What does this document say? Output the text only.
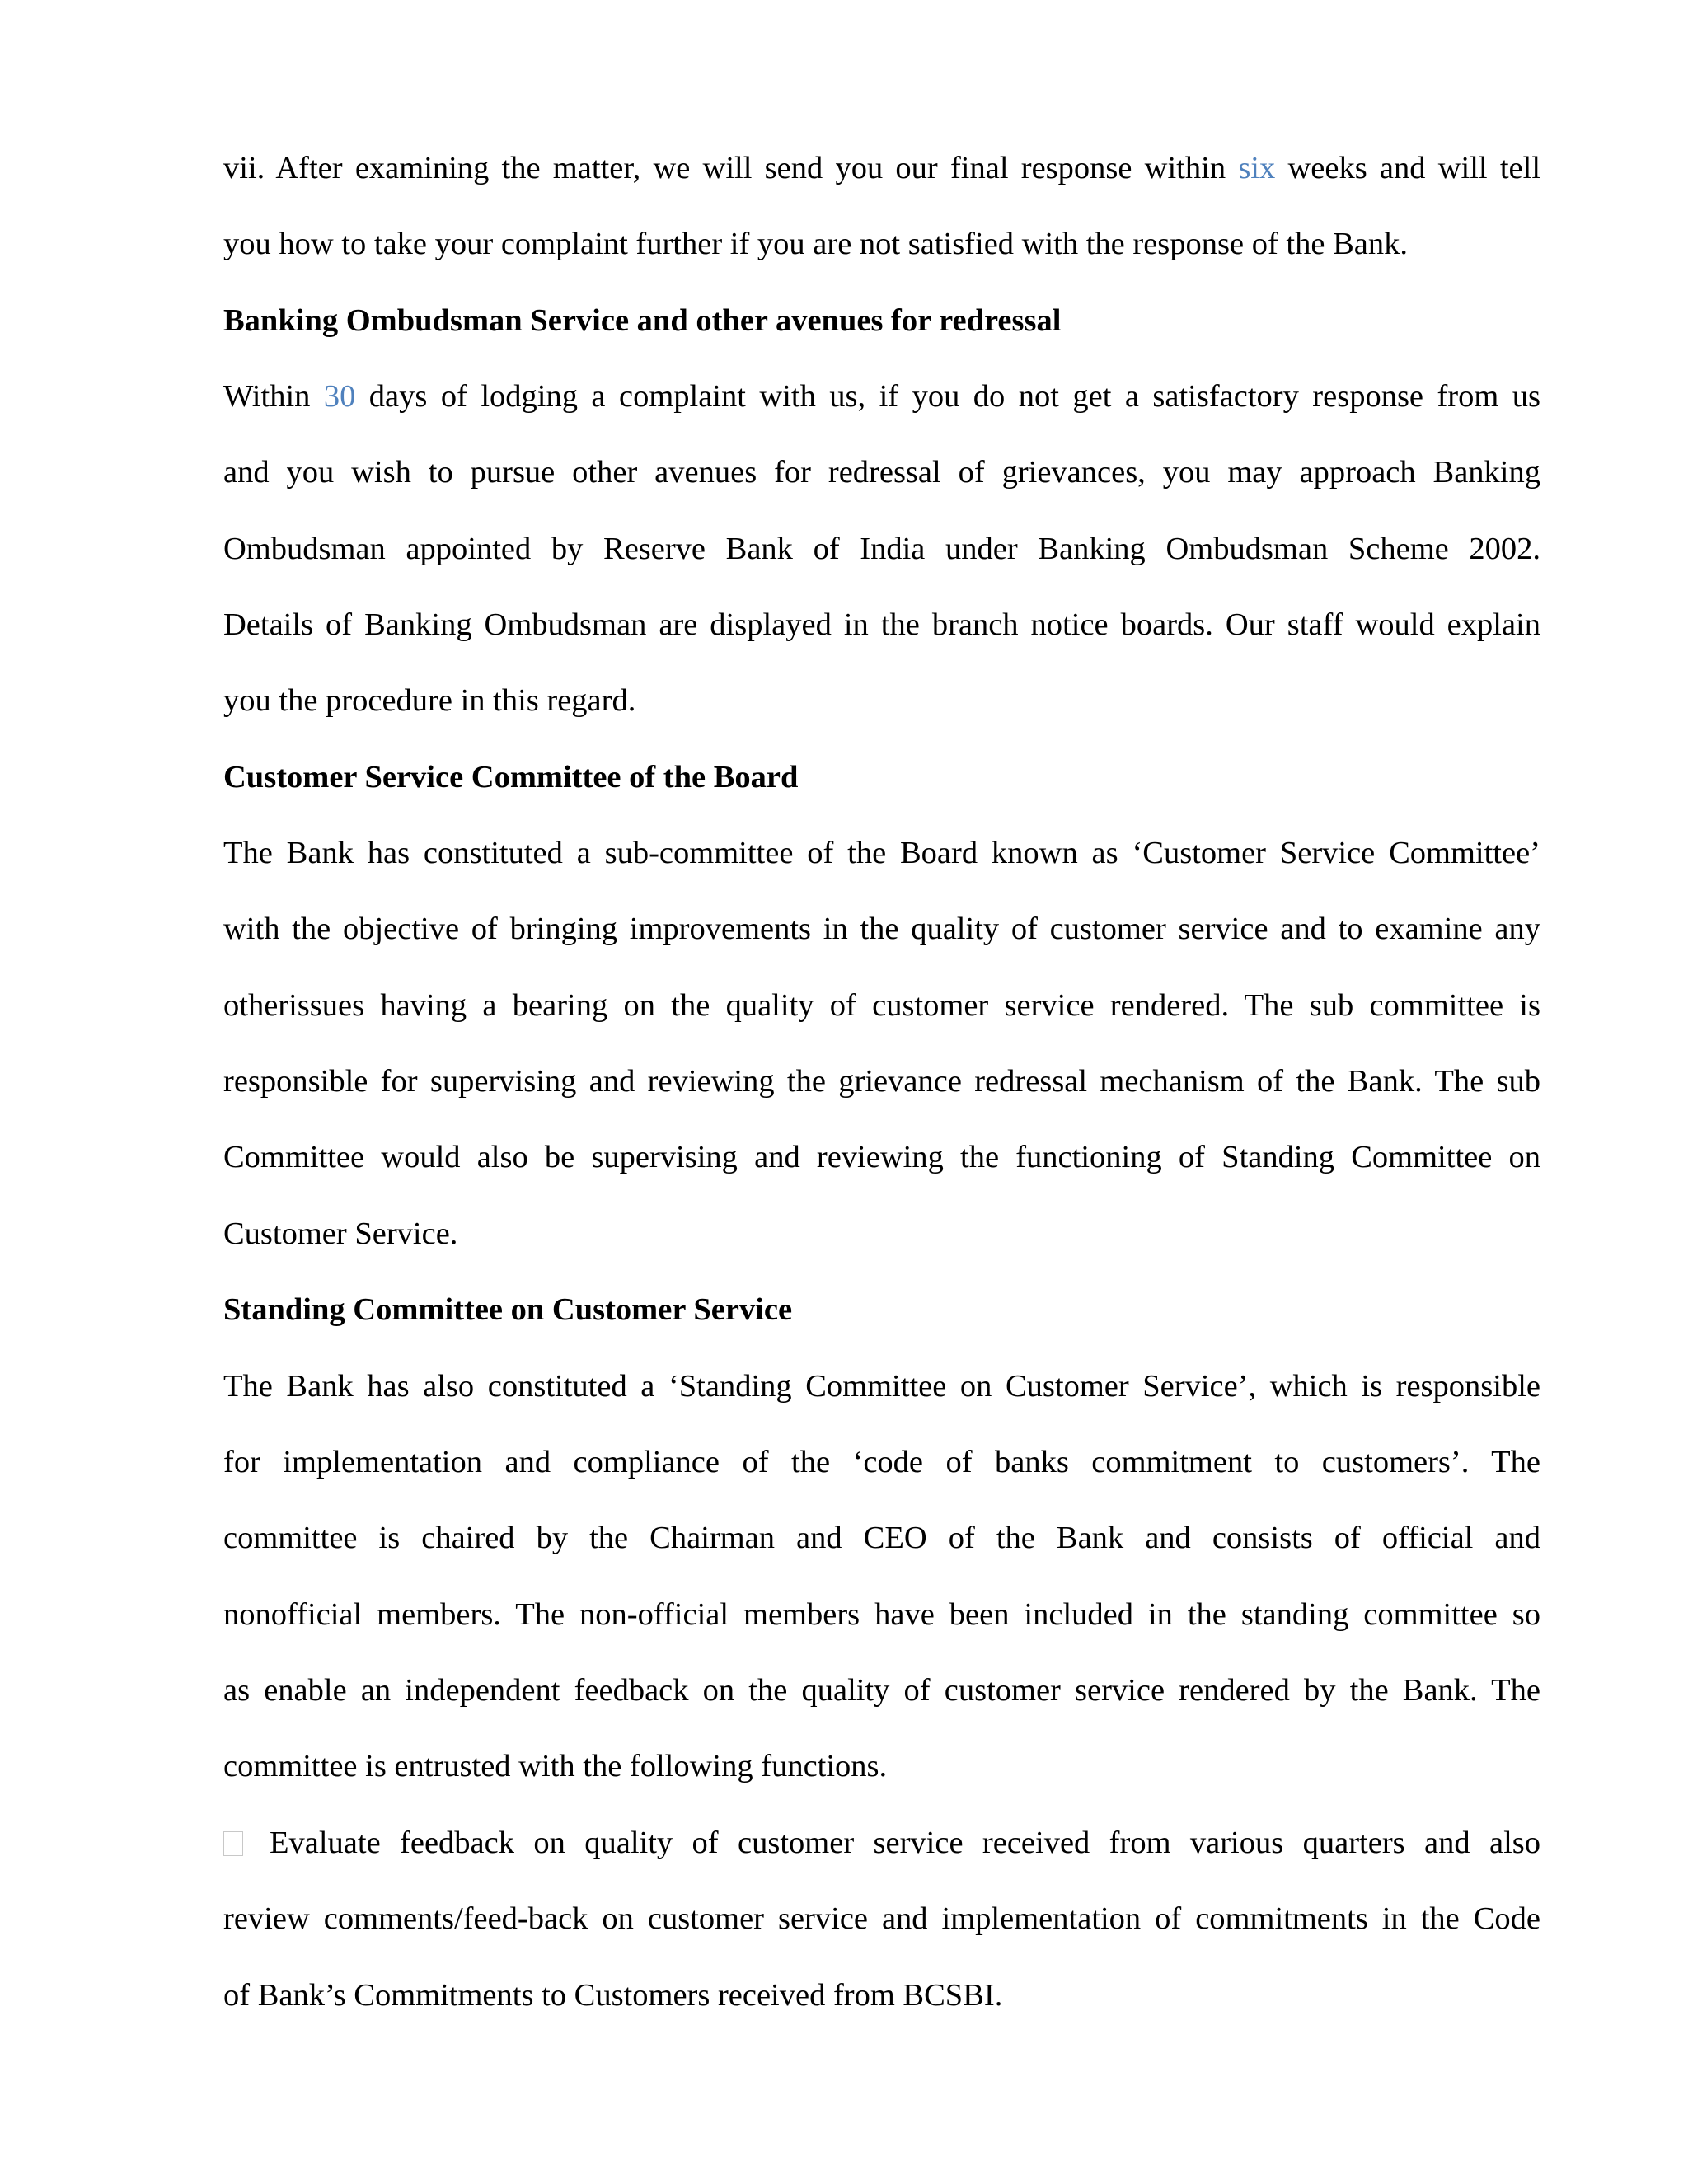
vii. After examining the matter, we will send you our final response within six weeks and will tell
you how to take your complaint further if you are not satisfied with the response of the Bank.
Banking Ombudsman Service and other avenues for redressal
Within 30 days of lodging a complaint with us, if you do not get a satisfactory response from us
and you wish to pursue other avenues for redressal of grievances, you may approach Banking
Ombudsman appointed by Reserve Bank of India under Banking Ombudsman Scheme 2002.
Details of Banking Ombudsman are displayed in the branch notice boards. Our staff would explain
you the procedure in this regard.
Customer Service Committee of the Board
The Bank has constituted a sub-committee of the Board known as ‘Customer Service Committee’
with the objective of bringing improvements in the quality of customer service and to examine any
otherissues having a bearing on the quality of customer service rendered. The sub committee is
responsible for supervising and reviewing the grievance redressal mechanism of the Bank. The sub
Committee would also be supervising and reviewing the functioning of Standing Committee on
Customer Service.
Standing Committee on Customer Service
The Bank has also constituted a ‘Standing Committee on Customer Service’, which is responsible
for implementation and compliance of the ‘code of banks commitment to customers’. The
committee is chaired by the Chairman and CEO of the Bank and consists of official and
nonofficial members. The non-official members have been included in the standing committee so
as enable an independent feedback on the quality of customer service rendered by the Bank. The
committee is entrusted with the following functions.
Evaluate feedback on quality of customer service received from various quarters and also
review comments/feed-back on customer service and implementation of commitments in the Code
of Bank’s Commitments to Customers received from BCSBI.
